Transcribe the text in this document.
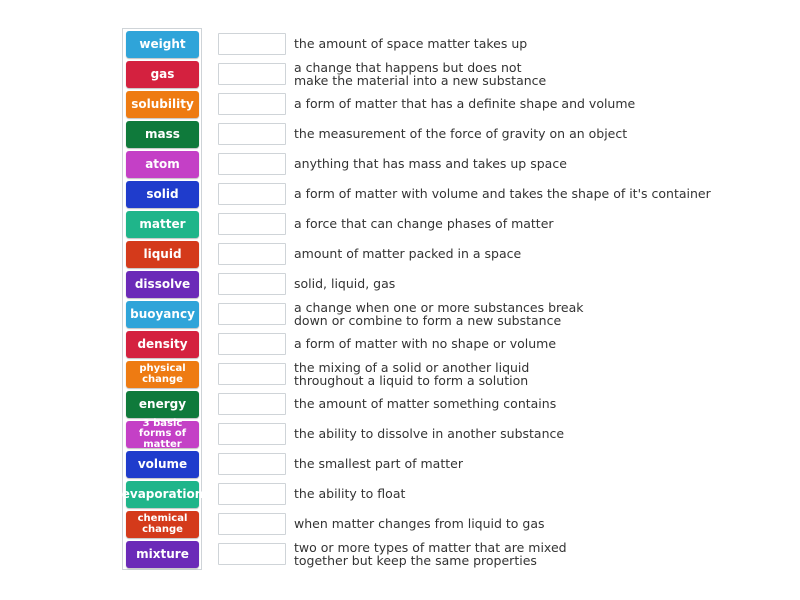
weight
gas
solubility
mass
atom
solid
matter
liquid
dissolve
buoyancy
density
physical change
energy
3 basic forms of matter
volume
evaporation
chemical change
mixture
the amount of space matter takes up
a change that happens but does not
make the material into a new substance
a form of matter that has a definite shape and volume
the measurement of the force of gravity on an object
anything that has mass and takes up space
a form of matter with volume and takes the shape of it's container
a force that can change phases of matter
amount of matter packed in a space
solid, liquid, gas
a change when one or more substances break
down or combine to form a new substance
a form of matter with no shape or volume
the mixing of a solid or another liquid
throughout a liquid to form a solution
the amount of matter something contains
the ability to dissolve in another substance
the smallest part of matter
the ability to float
when matter changes from liquid to gas
two or more types of matter that are mixed
together but keep the same properties
